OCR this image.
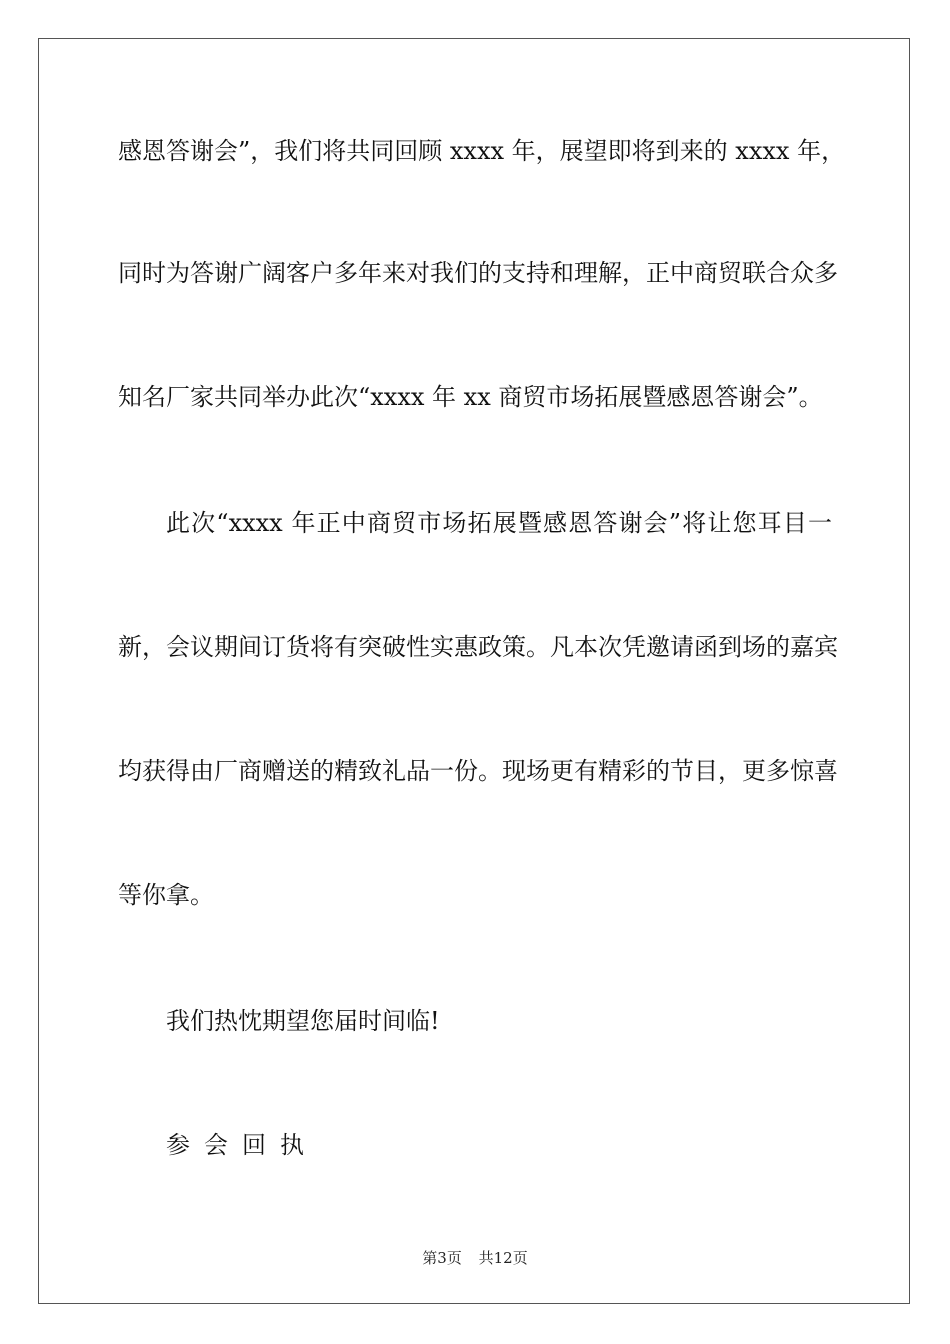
感恩答谢会”，我们将共同回顾 xxxx 年，展望即将到来的 xxxx 年，
同时为答谢广阔客户多年来对我们的支持和理解，正中商贸联合众多
知名厂家共同举办此次“xxxx 年 xx 商贸市场拓展暨感恩答谢会”。
此次“xxxx 年正中商贸市场拓展暨感恩答谢会”将让您耳目一
新，会议期间订货将有突破性实惠政策。凡本次凭邀请函到场的嘉宾
均获得由厂商赠送的精致礼品一份。现场更有精彩的节目，更多惊喜
等你拿。
我们热忱期望您届时间临!
参会回执
第3页 共12页
